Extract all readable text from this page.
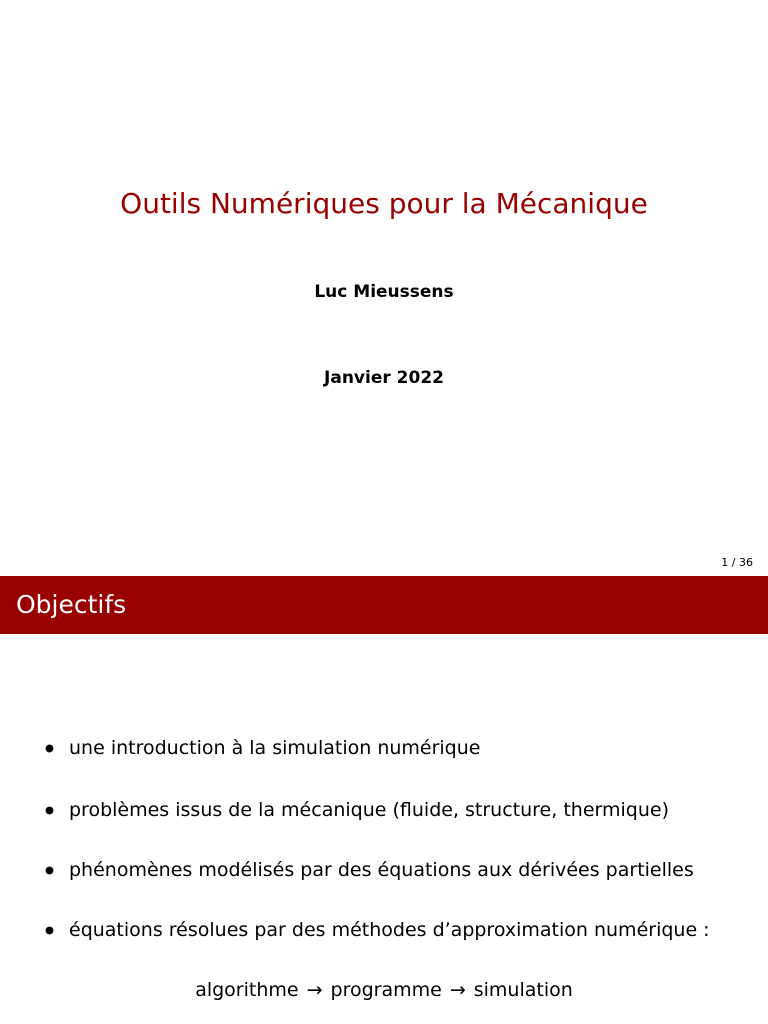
Outils Numériques pour la Mécanique
Luc Mieussens
Janvier 2022
1 / 36
Objectifs
une introduction à la simulation numérique
problèmes issus de la mécanique (fluide, structure, thermique)
phénomènes modélisés par des équations aux dérivées partielles
équations résolues par des méthodes d’approximation numérique :
algorithme → programme → simulation
